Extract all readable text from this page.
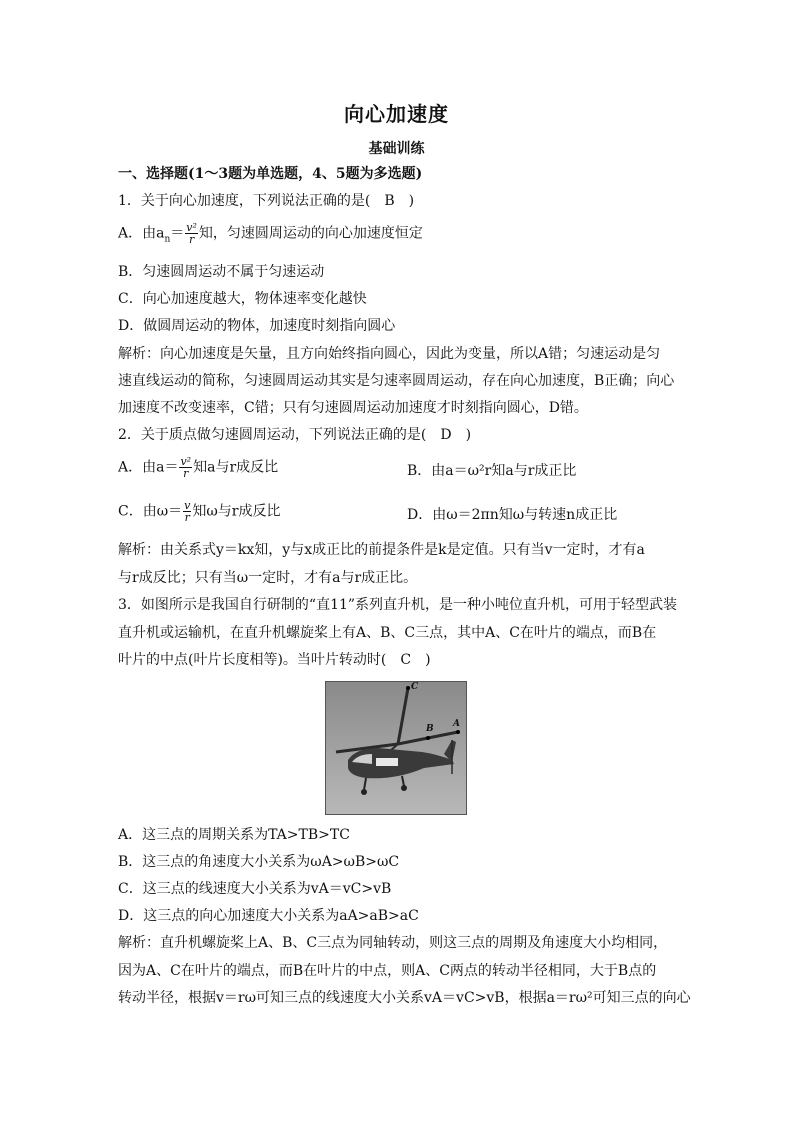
向心加速度
基础训练
一、选择题(1～3题为单选题，4、5题为多选题)
1．关于向心加速度，下列说法正确的是(　B　)
A．由$a_n= \frac{\text{v²}}{r}$ 知，匀速圆周运动的向心加速度恒定
B．匀速圆周运动不属于匀速运动
C．向心加速度越大，物体速率变化越快
D．做圆周运动的物体，加速度时刻指向圆心
解析：向心加速度是矢量，且方向始终指向圆心，因此为变量，所以A错；匀速运动是匀
速直线运动的简称，匀速圆周运动其实是匀速率圆周运动，存在向心加速度，B正确；向心
加速度不改变速率，C错；只有匀速圆周运动加速度才时刻指向圆心，D错。
2．关于质点做匀速圆周运动，下列说法正确的是(　D　)
A．由$a= \frac{\text{v²}}{r}$ 知a与r成反比	B．由a＝ω²r知a与r成正比
C．由$\omega= \frac{v}{r}$ 知ω与r成反比	D．由ω＝2πn知ω与转速n成正比
解析：由关系式y＝kx知，y与x成正比的前提条件是k是定值。只有当v一定时，才有a
与r成反比；只有当ω一定时，才有a与r成正比。
3．如图所示是我国自行研制的“直11”系列直升机，是一种小吨位直升机，可用于轻型武装
直升机或运输机，在直升机螺旋桨上有A、B、C三点，其中A、C在叶片的端点，而B在
叶片的中点(叶片长度相等)。当叶片转动时(　C　)
C
B A
A．这三点的周期关系为TA>TB>TC
B．这三点的角速度大小关系为ωA>ωB>ωC
C．这三点的线速度大小关系为vA＝vC>vB
D．这三点的向心加速度大小关系为aA>aB>aC
解析：直升机螺旋桨上A、B、C三点为同轴转动，则这三点的周期及角速度大小均相同，
因为A、C在叶片的端点，而B在叶片的中点，则A、C两点的转动半径相同，大于B点的
转动半径，根据v＝rω可知三点的线速度大小关系vA＝vC>vB，根据a＝rω²可知三点的向心
